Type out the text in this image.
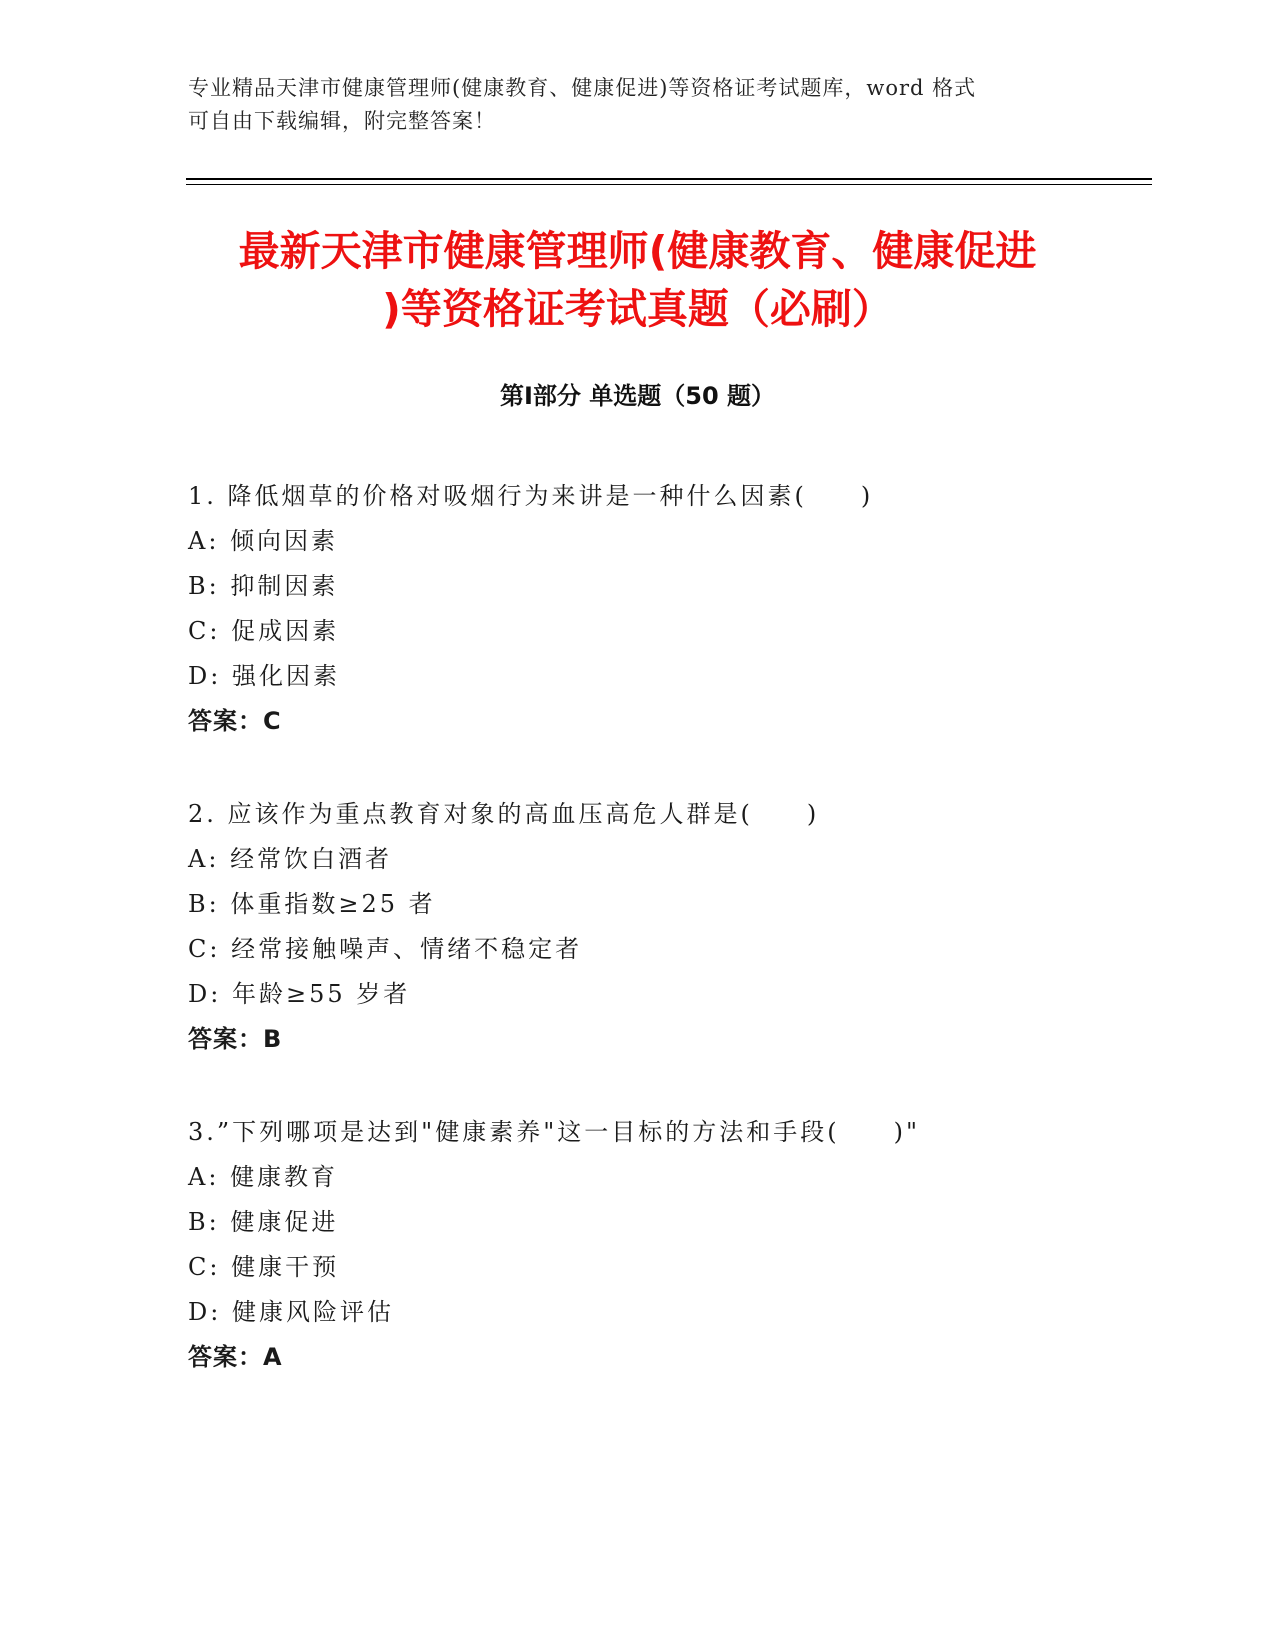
专业精品天津市健康管理师(健康教育、健康促进)等资格证考试题库，word 格式
可自由下载编辑，附完整答案！
最新天津市健康管理师(健康教育、健康促进
)等资格证考试真题（必刷）
第Ⅰ部分 单选题（50 题）
1. 降低烟草的价格对吸烟行为来讲是一种什么因素(　　)
A: 倾向因素
B: 抑制因素
C: 促成因素
D: 强化因素
答案：C
2. 应该作为重点教育对象的高血压高危人群是(　　)
A: 经常饮白酒者
B: 体重指数≥25 者
C: 经常接触噪声、情绪不稳定者
D: 年龄≥55 岁者
答案：B
3.”下列哪项是达到"健康素养"这一目标的方法和手段(　　)"
A: 健康教育
B: 健康促进
C: 健康干预
D: 健康风险评估
答案：A
